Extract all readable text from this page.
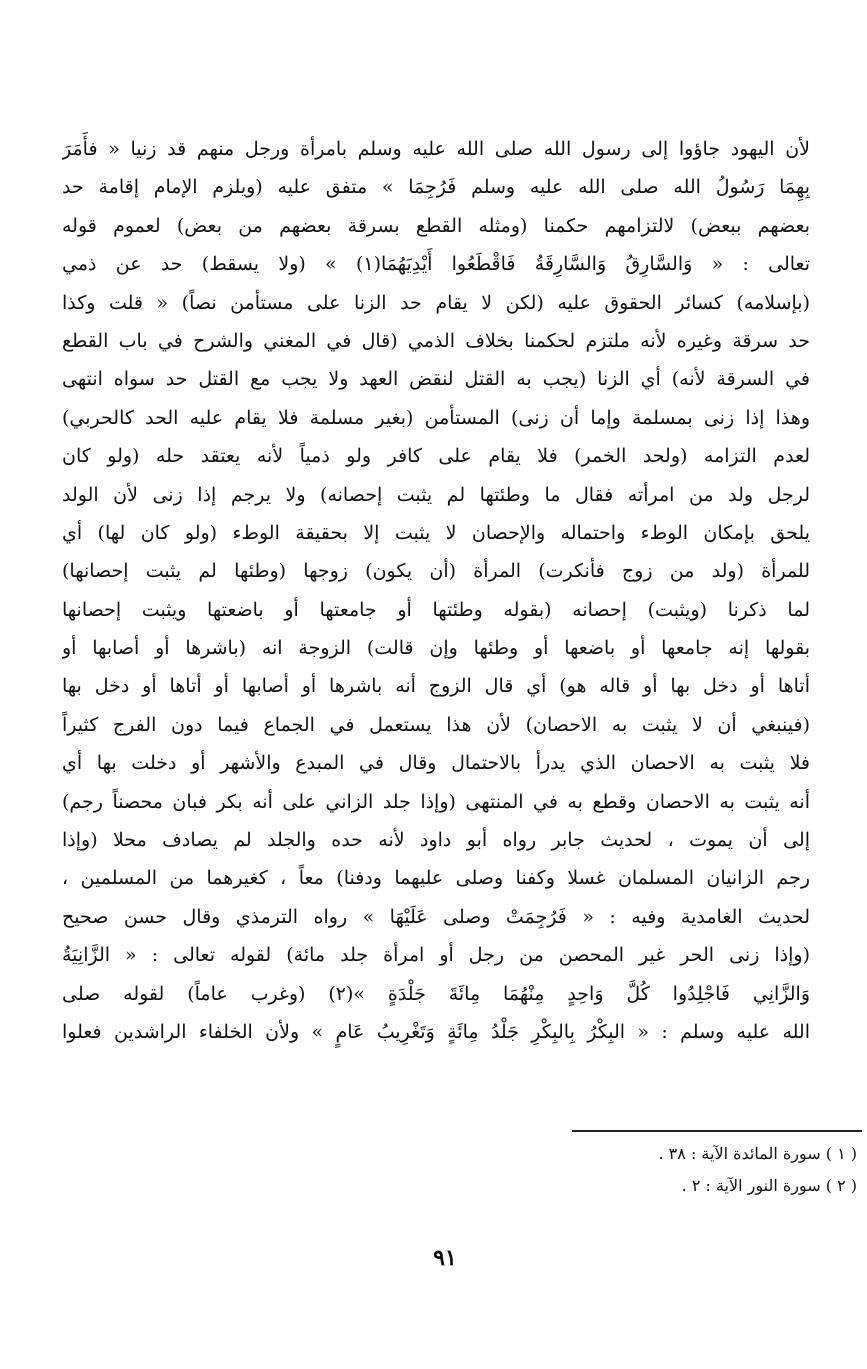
لأن اليهود جاؤوا إلى رسول الله صلى الله عليه وسلم بامرأة ورجل منهم قد زنيا « فأَمَرَ
بِهِمَا رَسُولُ الله صلى الله عليه وسلم فَرُجِمَا » متفق عليه (ويلزم الإمام إقامة حد
بعضهم ببعض) لالتزامهم حكمنا (ومثله القطع بسرقة بعضهم من بعض) لعموم قوله
تعالى : « وَالسَّارِقُ وَالسَّارِقَةُ فَاقْطَعُوا أَيْدِيَهُمَا(١) » (ولا يسقط) حد عن ذمي
(بإسلامه) كسائر الحقوق عليه (لكن لا يقام حد الزنا على مستأمن نصاً) « قلت وكذا
حد سرقة وغيره لأنه ملتزم لحكمنا بخلاف الذمي (قال في المغني والشرح في باب القطع
في السرقة لأنه) أي الزنا (يجب به القتل لنقض العهد ولا يجب مع القتل حد سواه انتهى
وهذا إذا زنى بمسلمة وإما أن زنى) المستأمن (بغير مسلمة فلا يقام عليه الحد كالحربي)
لعدم التزامه (ولحد الخمر) فلا يقام على كافر ولو ذمياً لأنه يعتقد حله (ولو كان
لرجل ولد من امرأته فقال ما وطئتها لم يثبت إحصانه) ولا يرجم إذا زنى لأن الولد
يلحق بإمكان الوطء واحتماله والإحصان لا يثبت إلا بحقيقة الوطء (ولو كان لها) أي
للمرأة (ولد من زوج فأنكرت) المرأة (أن يكون) زوجها (وطئها لم يثبت إحصانها)
لما ذكرنا (ويثبت) إحصانه (بقوله وطئتها أو جامعتها أو باضعتها ويثبت إحصانها
بقولها إنه جامعها أو باضعها أو وطئها وإن قالت) الزوجة انه (باشرها أو أصابها أو
أتاها أو دخل بها أو قاله هو) أي قال الزوج أنه باشرها أو أصابها أو أتاها أو دخل بها
(فينبغي أن لا يثبت به الاحصان) لأن هذا يستعمل في الجماع فيما دون الفرج كثيراً
فلا يثبت به الاحصان الذي يدرأ بالاحتمال وقال في المبدع والأشهر أو دخلت بها أي
أنه يثبت به الاحصان وقطع به في المنتهى (وإذا جلد الزاني على أنه بكر فبان محصناً رجم)
إلى أن يموت ، لحديث جابر رواه أبو داود لأنه حده والجلد لم يصادف محلا (وإذا
رجم الزانيان المسلمان غسلا وكفنا وصلى عليهما ودفنا) معاً ، كغيرهما من المسلمين ،
لحديث الغامدية وفيه : « فَرُجِمَتْ وصلى عَلَيْهَا » رواه الترمذي وقال حسن صحيح
(وإذا زنى الحر غير المحصن من رجل أو امرأة جلد مائة) لقوله تعالى : « الزَّانِيَةُ
وَالزَّانِي فَاجْلِدُوا كُلَّ وَاحِدٍ مِنْهُمَا مِائَةَ جَلْدَةٍ »(٢) (وغرب عاماً) لقوله صلى
الله عليه وسلم : « البِكْرُ بِالبِكْرِ جَلْدُ مِائَةٍ وَتَغْرِيبُ عَامٍ » ولأن الخلفاء الراشدين فعلوا
( ١ ) سورة المائدة الآية : ٣٨ .
( ٢ ) سورة النور الآية : ٢ .
٩١
